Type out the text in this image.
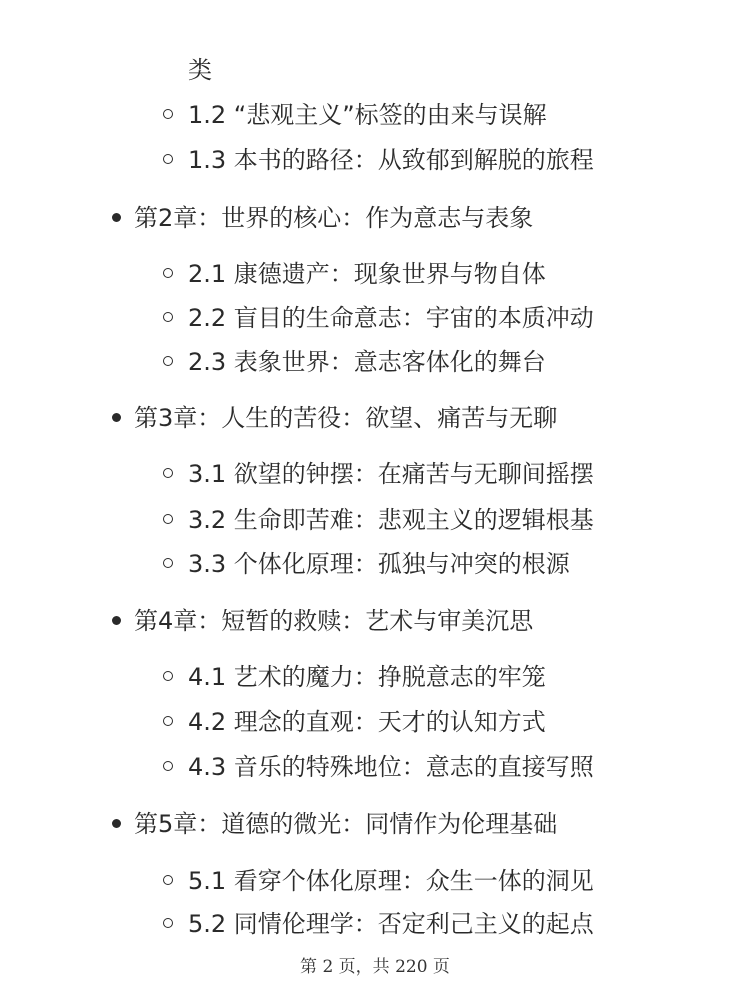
类
1.2 “悲观主义”标签的由来与误解
1.3 本书的路径：从致郁到解脱的旅程
第2章：世界的核心：作为意志与表象
2.1 康德遗产：现象世界与物自体
2.2 盲目的生命意志：宇宙的本质冲动
2.3 表象世界：意志客体化的舞台
第3章：人生的苦役：欲望、痛苦与无聊
3.1 欲望的钟摆：在痛苦与无聊间摇摆
3.2 生命即苦难：悲观主义的逻辑根基
3.3 个体化原理：孤独与冲突的根源
第4章：短暂的救赎：艺术与审美沉思
4.1 艺术的魔力：挣脱意志的牢笼
4.2 理念的直观：天才的认知方式
4.3 音乐的特殊地位：意志的直接写照
第5章：道德的微光：同情作为伦理基础
5.1 看穿个体化原理：众生一体的洞见
5.2 同情伦理学：否定利己主义的起点
第 2 页，共 220 页
